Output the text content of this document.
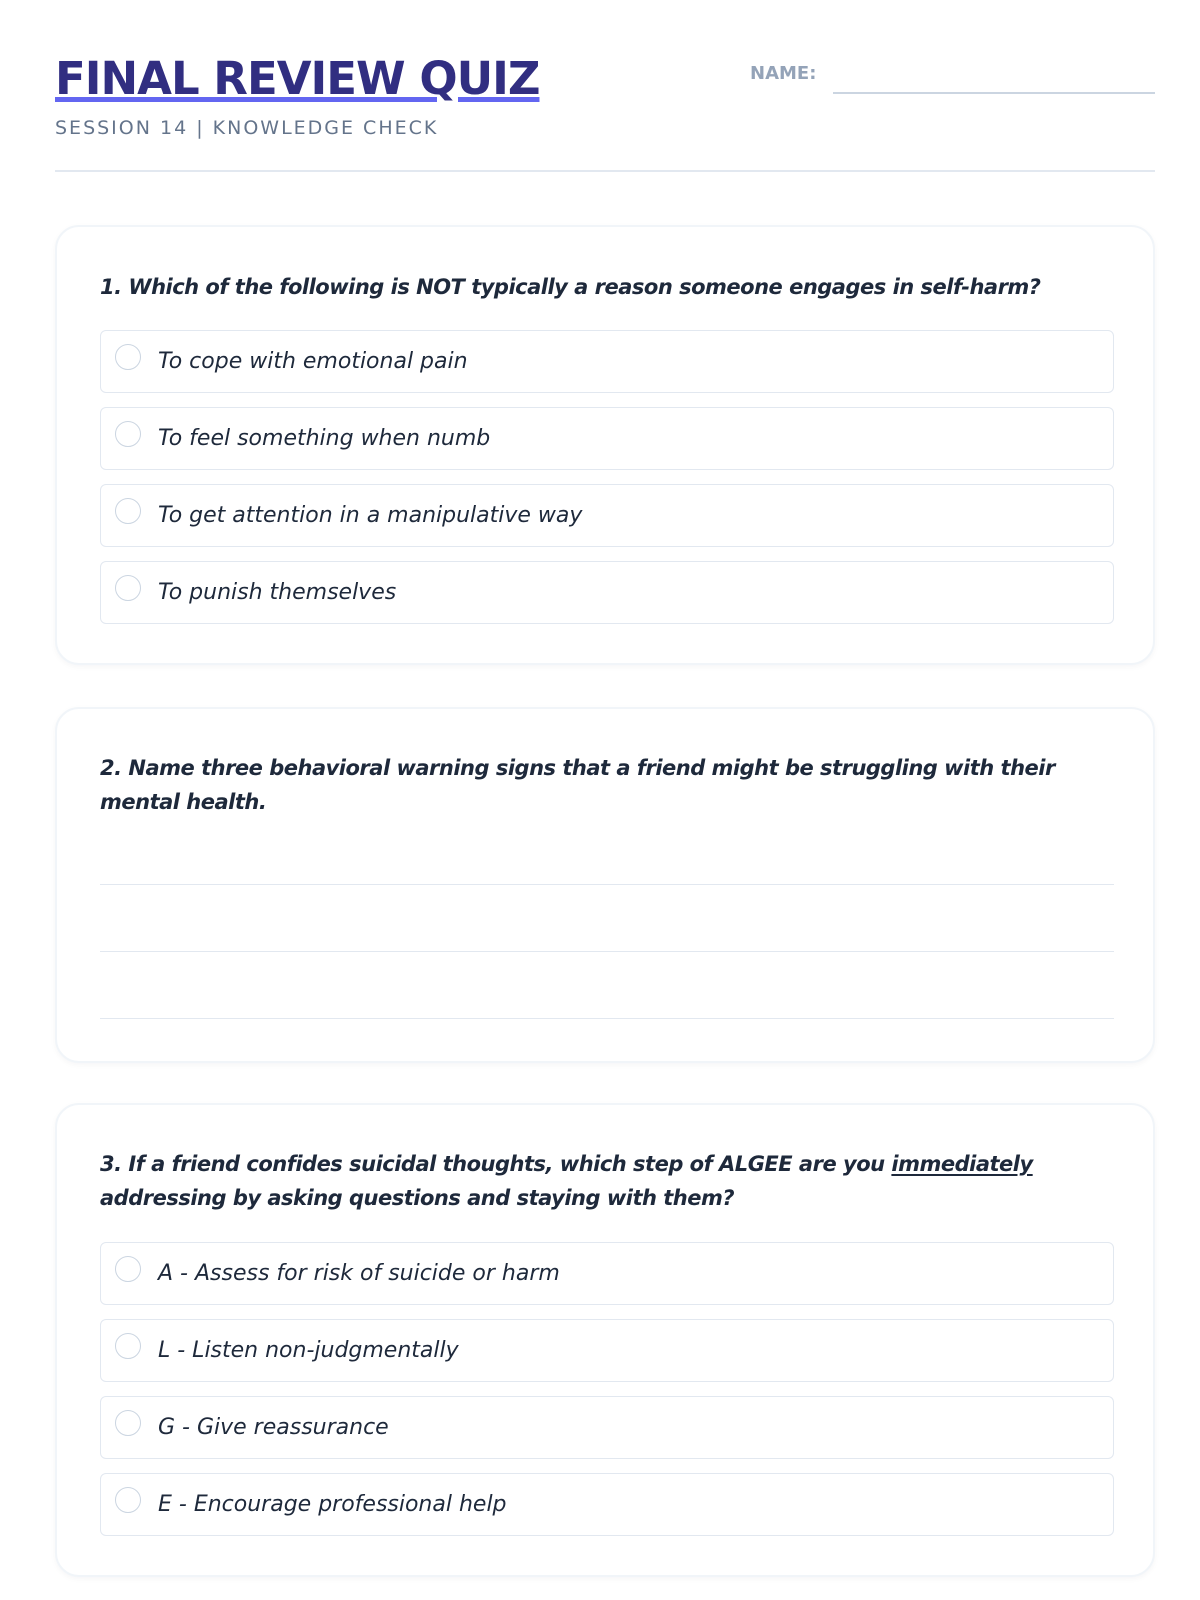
FINAL REVIEW QUIZ
SESSION 14 | KNOWLEDGE CHECK
NAME:
1. Which of the following is NOT typically a reason someone engages in self-harm?
To cope with emotional pain
To feel something when numb
To get attention in a manipulative way
To punish themselves
2. Name three behavioral warning signs that a friend might be struggling with their mental health.
3. If a friend confides suicidal thoughts, which step of ALGEE are you immediately addressing by asking questions and staying with them?
A - Assess for risk of suicide or harm
L - Listen non-judgmentally
G - Give reassurance
E - Encourage professional help
